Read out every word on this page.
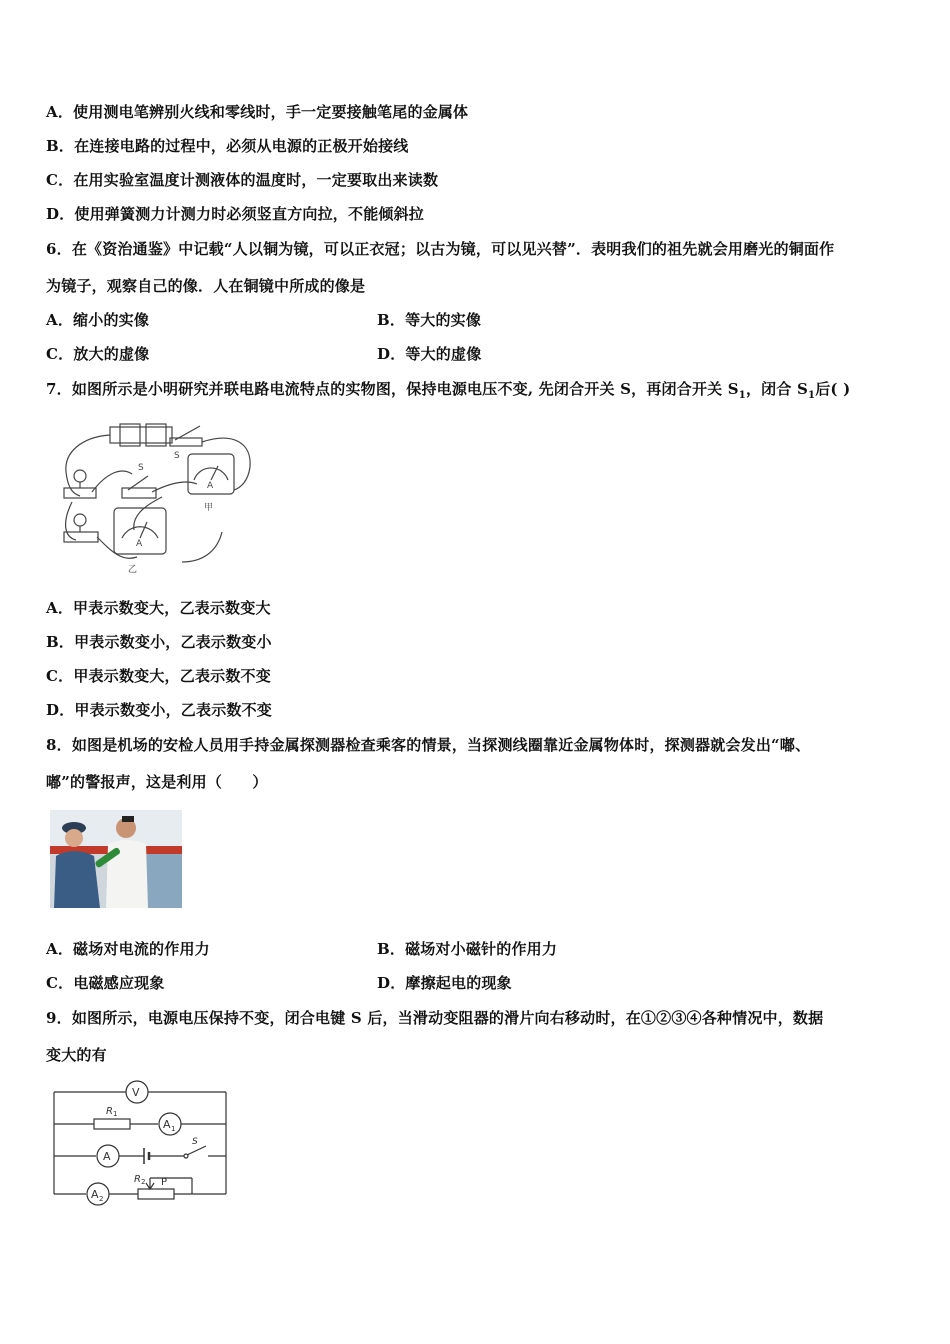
A．使用测电笔辨别火线和零线时，手一定要接触笔尾的金属体
B．在连接电路的过程中，必须从电源的正极开始接线
C．在用实验室温度计测液体的温度时，一定要取出来读数
D．使用弹簧测力计测力时必须竖直方向拉，不能倾斜拉
6．在《资治通鉴》中记载“人以铜为镜，可以正衣冠；以古为镜，可以见兴替”．表明我们的祖先就会用磨光的铜面作
为镜子，观察自己的像．人在铜镜中所成的像是
A．缩小的实像	B．等大的实像
C．放大的虚像	D．等大的虚像
7．如图所示是小明研究并联电路电流特点的实物图，保持电源电压不变, 先闭合开关 S，再闭合开关 $S_1$，闭合 $S_1$后( )
S
S
A
A
甲
乙
A．甲表示数变大，乙表示数变大
B．甲表示数变小，乙表示数变小
C．甲表示数变大，乙表示数不变
D．甲表示数变小，乙表示数不变
8．如图是机场的安检人员用手持金属探测器检查乘客的情景，当探测线圈靠近金属物体时，探测器就会发出“嘟、
嘟”的警报声，这是利用（　　）
A．磁场对电流的作用力	B．磁场对小磁针的作用力
C．电磁感应现象	D．摩擦起电的现象
9．如图所示，电源电压保持不变，闭合电键 S 后，当滑动变阻器的滑片向右移动时，在①②③④各种情况中，数据
变大的有
V
R 1
A 1
A
S
A 2
R 2 P
